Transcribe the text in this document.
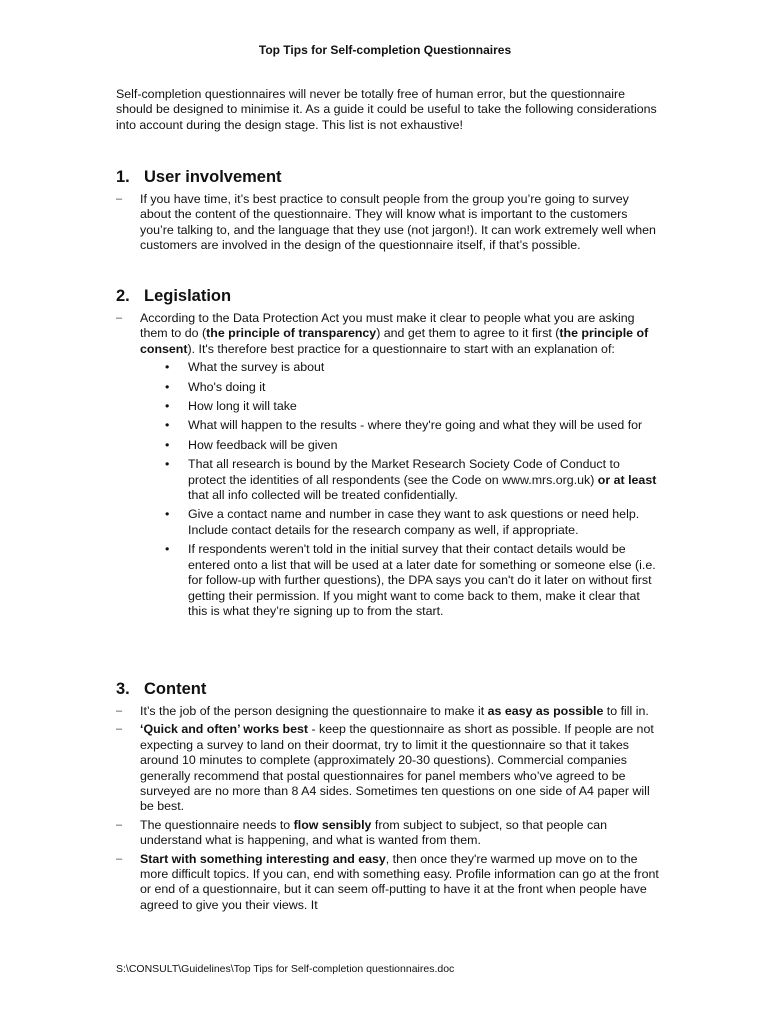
Top Tips for Self-completion Questionnaires
Self-completion questionnaires will never be totally free of human error, but the questionnaire should be designed to minimise it. As a guide it could be useful to take the following considerations into account during the design stage. This list is not exhaustive!
1. User involvement
– If you have time, it’s best practice to consult people from the group you’re going to survey about the content of the questionnaire. They will know what is important to the customers you’re talking to, and the language that they use (not jargon!). It can work extremely well when customers are involved in the design of the questionnaire itself, if that’s possible.
2. Legislation
– According to the Data Protection Act you must make it clear to people what you are asking them to do (the principle of transparency) and get them to agree to it first (the principle of consent). It's therefore best practice for a questionnaire to start with an explanation of:
• What the survey is about
• Who's doing it
• How long it will take
• What will happen to the results - where they're going and what they will be used for
• How feedback will be given
• That all research is bound by the Market Research Society Code of Conduct to protect the identities of all respondents (see the Code on www.mrs.org.uk) or at least that all info collected will be treated confidentially.
• Give a contact name and number in case they want to ask questions or need help. Include contact details for the research company as well, if appropriate.
• If respondents weren't told in the initial survey that their contact details would be entered onto a list that will be used at a later date for something or someone else (i.e. for follow-up with further questions), the DPA says you can't do it later on without first getting their permission. If you might want to come back to them, make it clear that this is what they’re signing up to from the start.
3. Content
– It’s the job of the person designing the questionnaire to make it as easy as possible to fill in.
– ‘Quick and often’ works best - keep the questionnaire as short as possible. If people are not expecting a survey to land on their doormat, try to limit it the questionnaire so that it takes around 10 minutes to complete (approximately 20-30 questions). Commercial companies generally recommend that postal questionnaires for panel members who’ve agreed to be surveyed are no more than 8 A4 sides. Sometimes ten questions on one side of A4 paper will be best.
– The questionnaire needs to flow sensibly from subject to subject, so that people can understand what is happening, and what is wanted from them.
– Start with something interesting and easy, then once they're warmed up move on to the more difficult topics. If you can, end with something easy. Profile information can go at the front or end of a questionnaire, but it can seem off-putting to have it at the front when people have agreed to give you their views. It
S:\CONSULT\Guidelines\Top Tips for Self-completion questionnaires.doc
